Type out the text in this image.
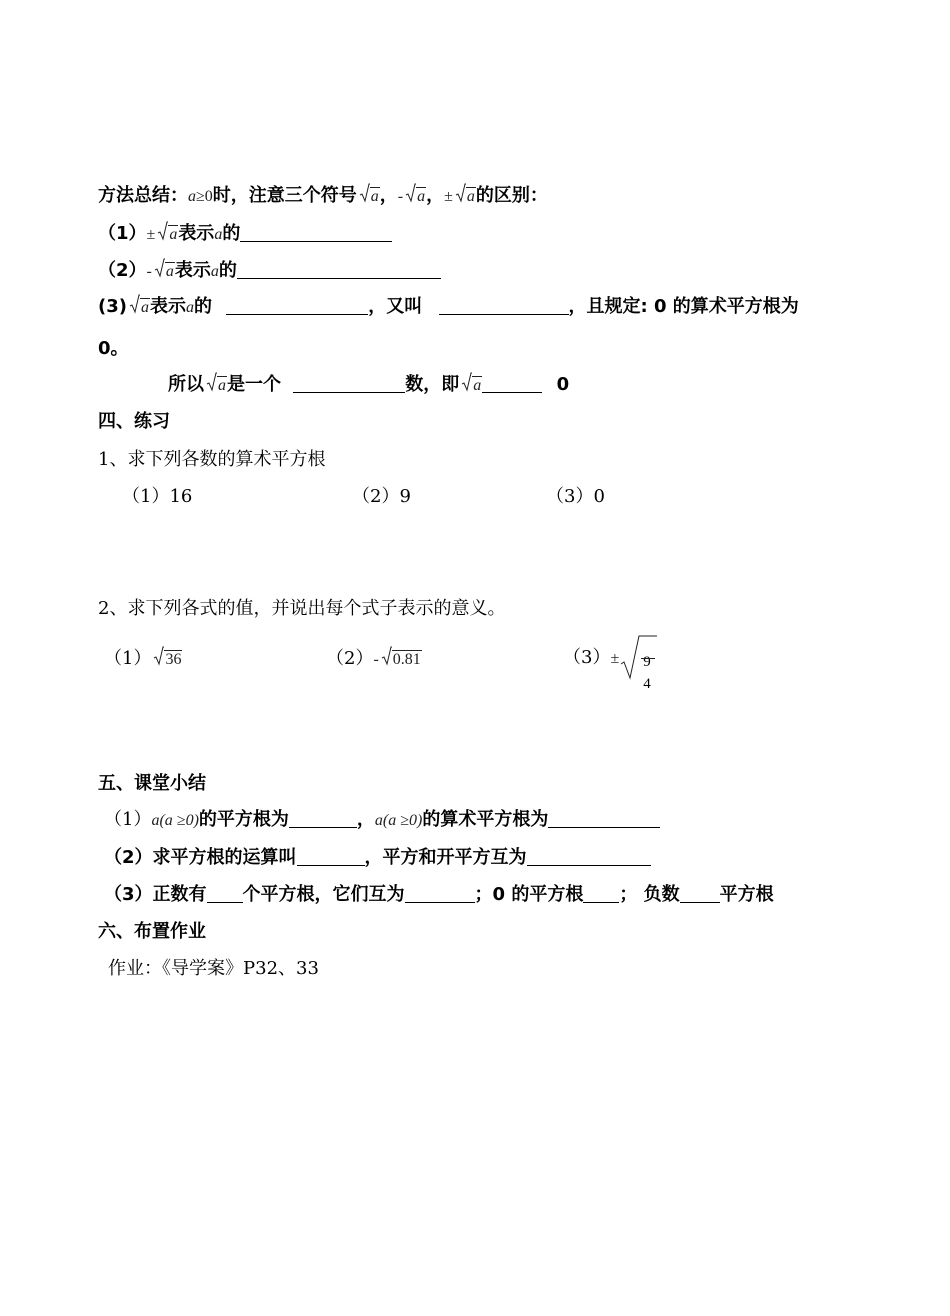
方法总结：a≥0时，注意三个符号 a，- a，± a的区别：
（1）± a表示a的
（2）- a表示a的
(3) a表示a的	，又叫	，且规定: 0 的算术平方根为
0。
所以 a是一个	数，即 a	0
四、练习
1、求下列各数的算术平方根
（1）16	（2）9	（3）0
2、求下列各式的值，并说出每个式子表示的意义。
（1） 36	（2）- 0.81	（3）± 9
4
五、课堂小结
（1）a(a ≥0)的平方根为	，a(a ≥0)的算术平方根为
（2）求平方根的运算叫	，平方和开平方互为
（3）正数有 个平方根，它们互为	；0 的平方根 ； 负数 平方根
六、布置作业
作业：《导学案》P32、33
